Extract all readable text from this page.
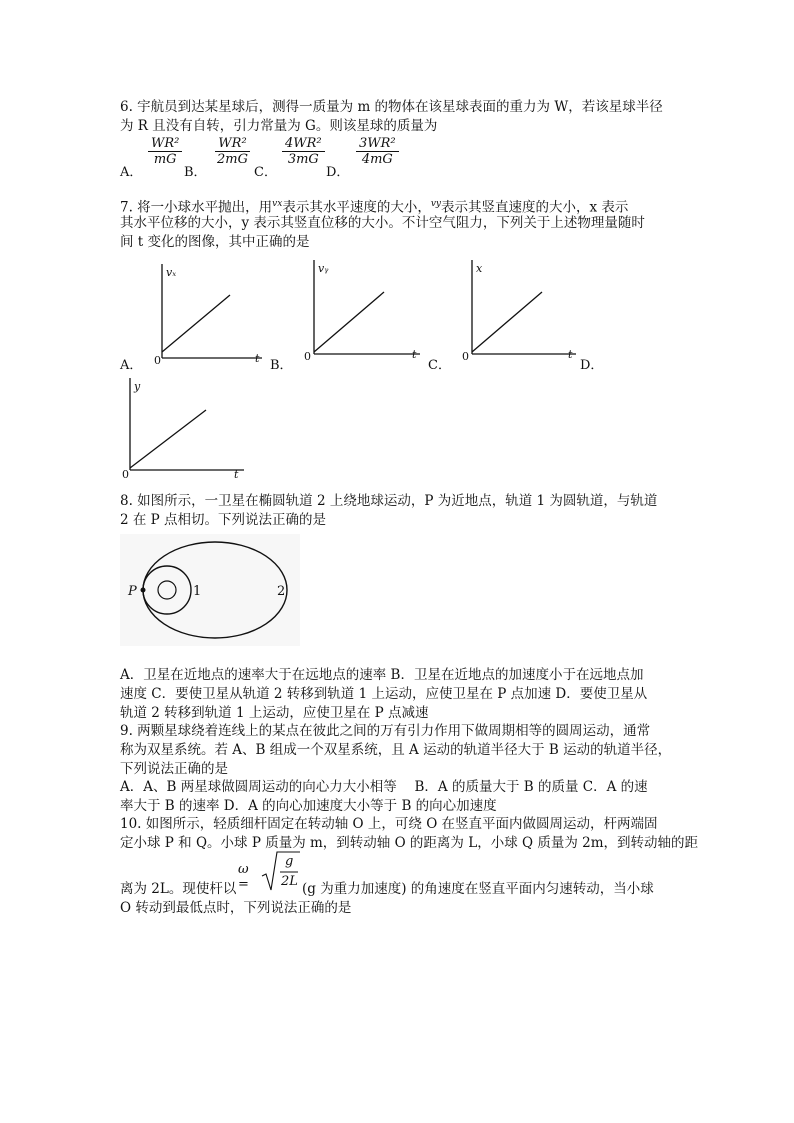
6. 宇航员到达某星球后，测得一质量为 m 的物体在该星球表面的重力为 W，若该星球半径
为 R 且没有自转，引力常量为 G。则该星球的质量为
A．
$\frac{\text{WR²}}{mG}$
B．
$\frac{\text{WR²}}{2mG}$
C．
$\frac{\text{4WR²}}{3mG}$
D．
$\frac{\text{3WR²}}{4mG}$
7. 将一小球水平抛出，用$^{vx}$表示其水平速度的大小，$^{vy}$表示其竖直速度的大小，x 表示
其水平位移的大小，y 表示其竖直位移的大小。不计空气阻力，下列关于上述物理量随时
间 t 变化的图像，其中正确的是
vₓ
t
0
A．
vᵧ
t
0
B．
x
t
0
C．	D．
y
t
0
8. 如图所示，一卫星在椭圆轨道 2 上绕地球运动，P 为近地点，轨道 1 为圆轨道，与轨道
2 在 P 点相切。下列说法正确的是
P	1	2
A．卫星在近地点的速率大于在远地点的速率 B．卫星在近地点的加速度小于在远地点加
速度 C．要使卫星从轨道 2 转移到轨道 1 上运动，应使卫星在 P 点加速 D．要使卫星从
轨道 2 转移到轨道 1 上运动，应使卫星在 P 点减速
9. 两颗星球绕着连线上的某点在彼此之间的万有引力作用下做周期相等的圆周运动，通常
称为双星系统。若 A、B 组成一个双星系统，且 A 运动的轨道半径大于 B 运动的轨道半径，
下列说法正确的是
A．A、B 两星球做圆周运动的向心力大小相等　 B．A 的质量大于 B 的质量 C．A 的速
率大于 B 的速率 D．A 的向心加速度大小等于 B 的向心加速度
10. 如图所示，轻质细杆固定在转动轴 O 上，可绕 O 在竖直平面内做圆周运动，杆两端固
定小球 P 和 Q。小球 P 质量为 m，到转动轴 O 的距离为 L，小球 Q 质量为 2m，到转动轴的距
ω =
g
2L
离为 2L。现使杆以	(g 为重力加速度) 的角速度在竖直平面内匀速转动，当小球
O 转动到最低点时，下列说法正确的是
